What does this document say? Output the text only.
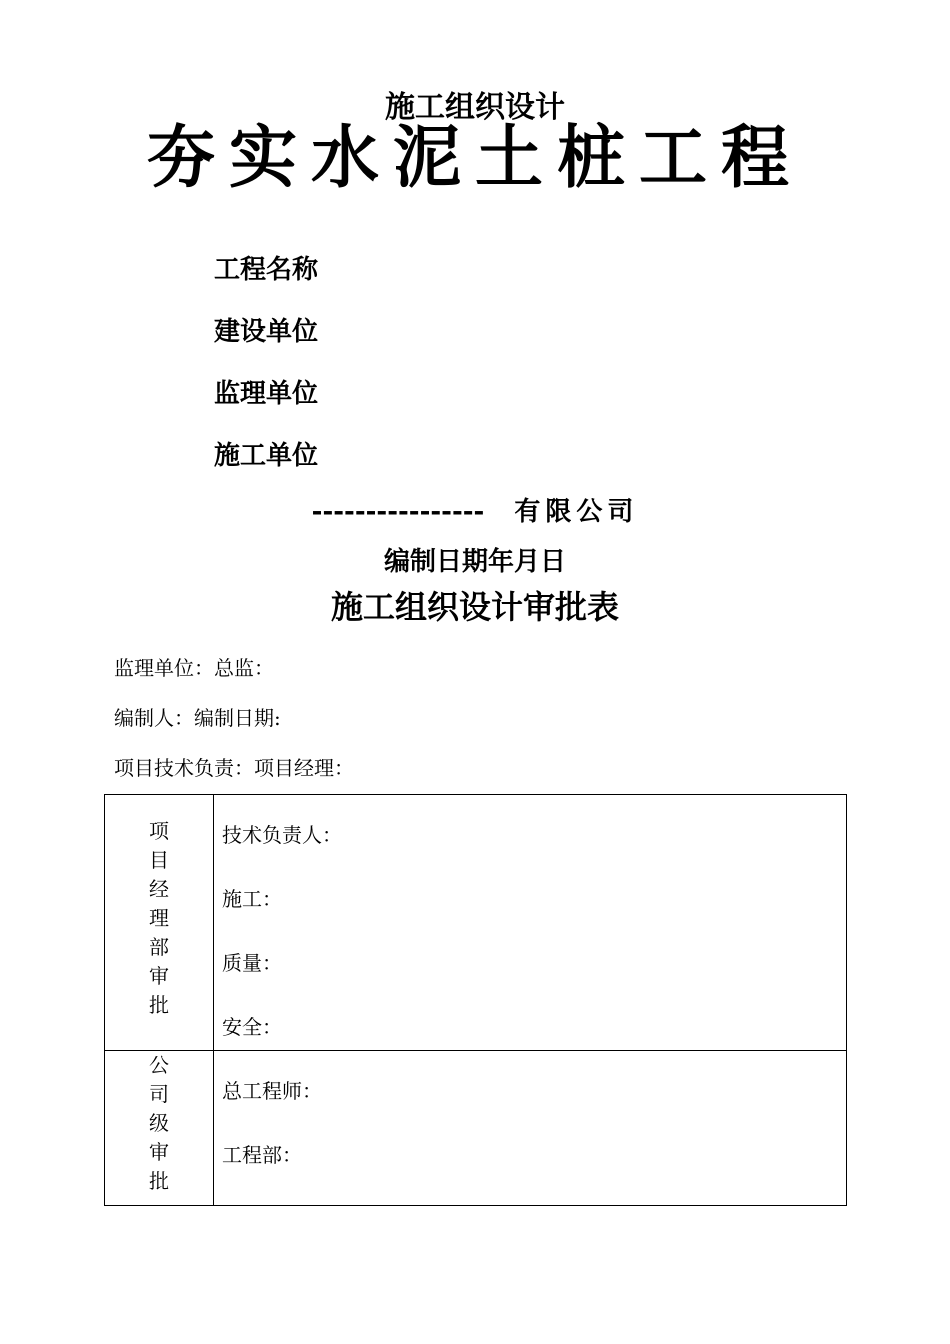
施工组织设计
夯实水泥土桩工程
工程名称
建设单位
监理单位
施工单位
---------------- 有限公司
编制日期年月日
施工组织设计审批表
监理单位：总监：
编制人：编制日期:
项目技术负责：项目经理：
项目经理部审批	技术负责人：
施工：
质量：
安全：

公司级审批	总工程师：
工程部：
